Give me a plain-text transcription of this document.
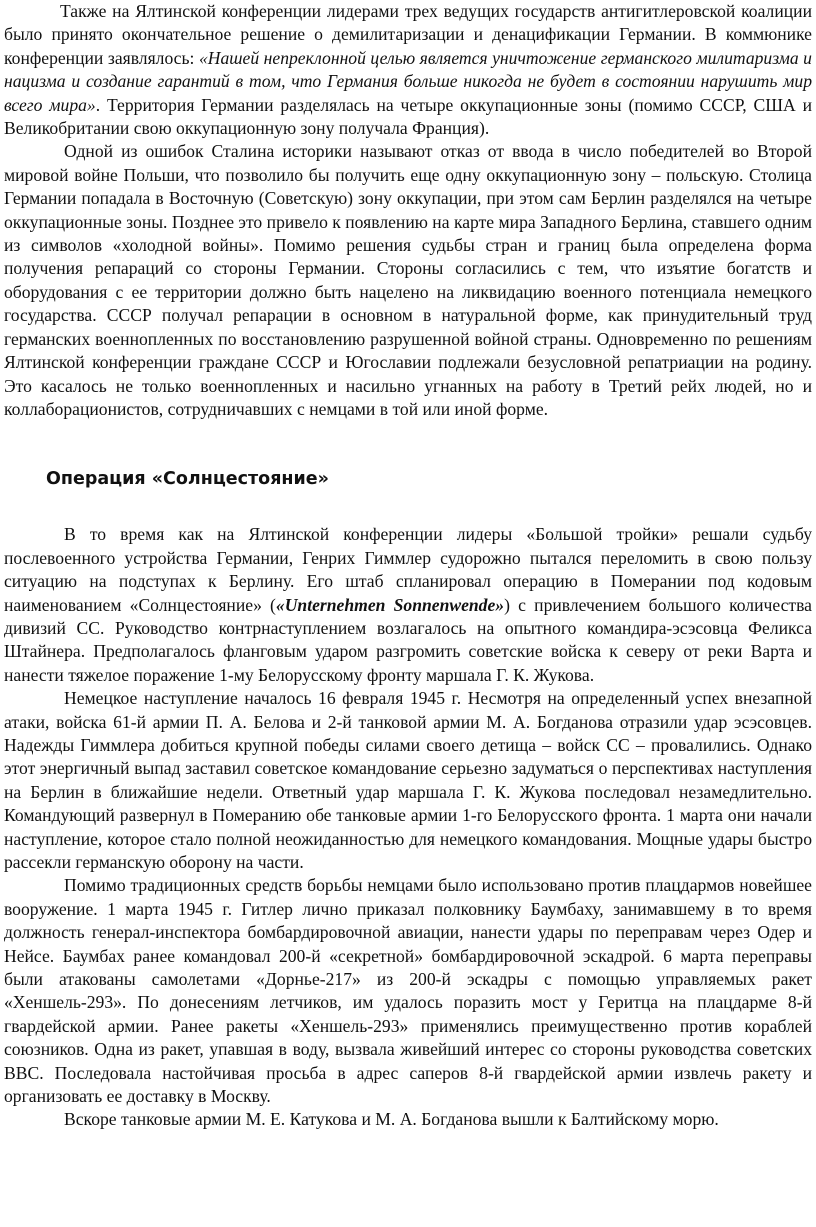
Также на Ялтинской конференции лидерами трех ведущих государств антигитлеровской коалиции было принято окончательное решение о демилитаризации и денацификации Германии. В коммюнике конференции заявлялось: «Нашей непреклонной целью является уничтожение германского милитаризма и нацизма и создание гарантий в том, что Германия больше никогда не будет в состоянии нарушить мир всего мира». Территория Германии разделялась на четыре оккупационные зоны (помимо СССР, США и Великобритании свою оккупационную зону получала Франция).

Одной из ошибок Сталина историки называют отказ от ввода в число победителей во Второй мировой войне Польши, что позволило бы получить еще одну оккупационную зону – польскую. Столица Германии попадала в Восточную (Советскую) зону оккупации, при этом сам Берлин разделялся на четыре оккупационные зоны. Позднее это привело к появлению на карте мира Западного Берлина, ставшего одним из символов «холодной войны». Помимо решения судьбы стран и границ была определена форма получения репараций со стороны Германии. Стороны согласились с тем, что изъятие богатств и оборудования с ее территории должно быть нацелено на ликвидацию военного потенциала немецкого государства. СССР получал репарации в основном в натуральной форме, как принудительный труд германских военнопленных по восстановлению разрушенной войной страны. Одновременно по решениям Ялтинской конференции граждане СССР и Югославии подлежали безусловной репатриации на родину. Это касалось не только военнопленных и насильно угнанных на работу в Третий рейх людей, но и коллаборационистов, сотрудничавших с немцами в той или иной форме.

Операция «Солнцестояние»

В то время как на Ялтинской конференции лидеры «Большой тройки» решали судьбу послевоенного устройства Германии, Генрих Гиммлер судорожно пытался переломить в свою пользу ситуацию на подступах к Берлину. Его штаб спланировал операцию в Померании под кодовым наименованием «Солнцестояние» («Unternehmen Sonnenwende») с привлечением большого количества дивизий СС. Руководство контрнаступлением возлагалось на опытного командира-эсэсовца Феликса Штайнера. Предполагалось фланговым ударом разгромить советские войска к северу от реки Варта и нанести тяжелое поражение 1-му Белорусскому фронту маршала Г. К. Жукова.

Немецкое наступление началось 16 февраля 1945 г. Несмотря на определенный успех внезапной атаки, войска 61-й армии П. А. Белова и 2-й танковой армии М. А. Богданова отразили удар эсэсовцев. Надежды Гиммлера добиться крупной победы силами своего детища – войск СС – провалились. Однако этот энергичный выпад заставил советское командование серьезно задуматься о перспективах наступления на Берлин в ближайшие недели. Ответный удар маршала Г. К. Жукова последовал незамедлительно. Командующий развернул в Померанию обе танковые армии 1-го Белорусского фронта. 1 марта они начали наступление, которое стало полной неожиданностью для немецкого командования. Мощные удары быстро рассекли германскую оборону на части.

Помимо традиционных средств борьбы немцами было использовано против плацдармов новейшее вооружение. 1 марта 1945 г. Гитлер лично приказал полковнику Баумбаху, занимавшему в то время должность генерал-инспектора бомбардировочной авиации, нанести удары по переправам через Одер и Нейсе. Баумбах ранее командовал 200-й «секретной» бомбардировочной эскадрой. 6 марта переправы были атакованы самолетами «Дорнье-217» из 200-й эскадры с помощью управляемых ракет «Хеншель-293». По донесениям летчиков, им удалось поразить мост у Геритца на плацдарме 8-й гвардейской армии. Ранее ракеты «Хеншель-293» применялись преимущественно против кораблей союзников. Одна из ракет, упавшая в воду, вызвала живейший интерес со стороны руководства советских ВВС. Последовала настойчивая просьба в адрес саперов 8-й гвардейской армии извлечь ракету и организовать ее доставку в Москву.

Вскоре танковые армии М. Е. Катукова и М. А. Богданова вышли к Балтийскому морю.
